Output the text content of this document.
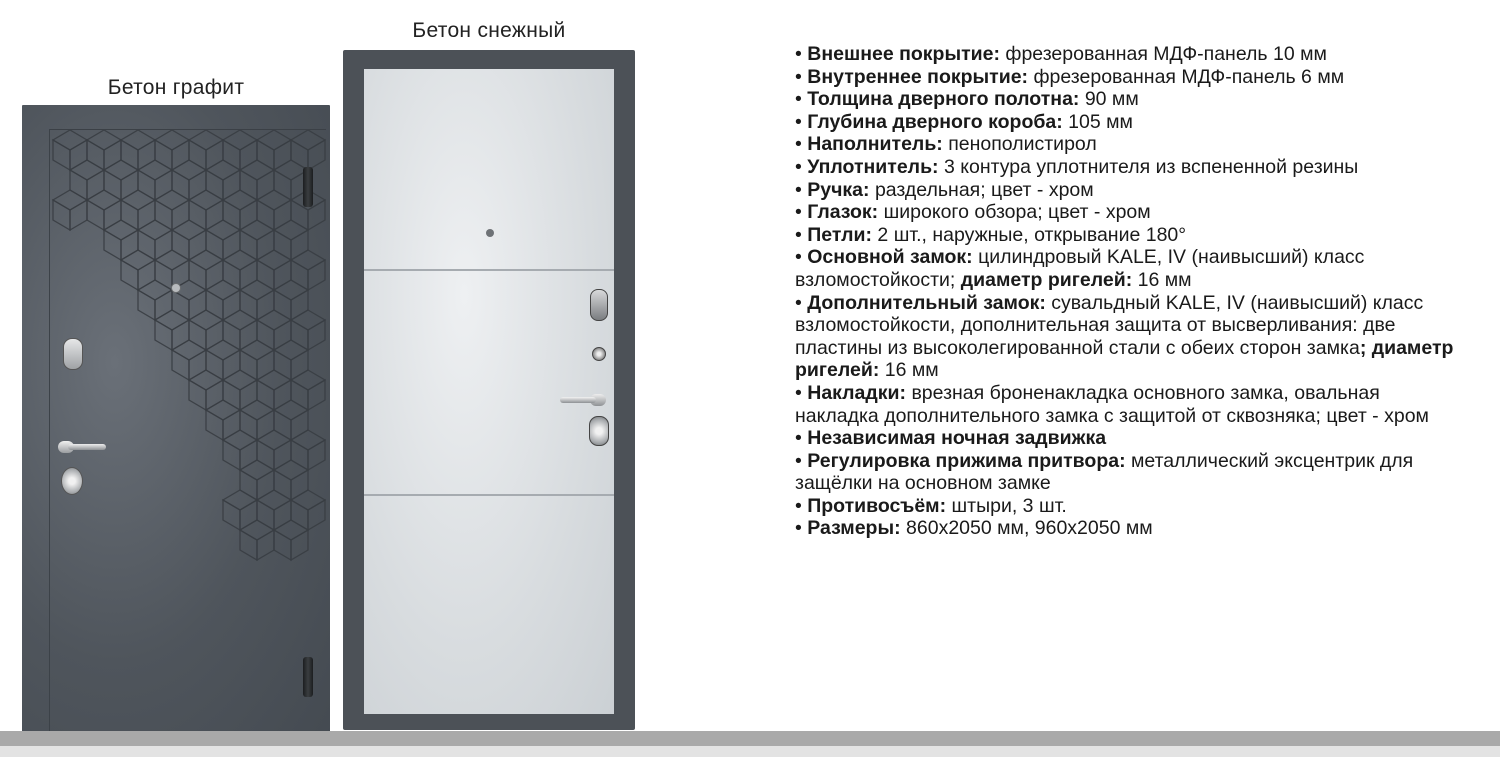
Бетон графит
Бетон снежный
• Внешнее покрытие: фрезерованная МДФ-панель 10 мм
• Внутреннее покрытие: фрезерованная МДФ-панель 6 мм
• Толщина дверного полотна: 90 мм
• Глубина дверного короба: 105 мм
• Наполнитель: пенополистирол
• Уплотнитель: 3 контура уплотнителя из вспененной резины
• Ручка: раздельная; цвет - хром
• Глазок: широкого обзора; цвет - хром
• Петли: 2 шт., наружные, открывание 180°
• Основной замок: цилиндровый KALE, IV (наивысший) класс взломостойкости; диаметр ригелей: 16 мм
• Дополнительный замок: сувальдный KALE, IV (наивысший) класс взломостойкости, дополнительная защита от высверливания: две пластины из высоколегированной стали с обеих сторон замка; диаметр ригелей: 16 мм
• Накладки: врезная броненакладка основного замка, овальная накладка дополнительного замка с защитой от сквозняка; цвет - хром
• Независимая ночная задвижка
• Регулировка прижима притвора: металлический эксцентрик для защёлки на основном замке
• Противосъём: штыри, 3 шт.
• Размеры: 860х2050 мм, 960х2050 мм
